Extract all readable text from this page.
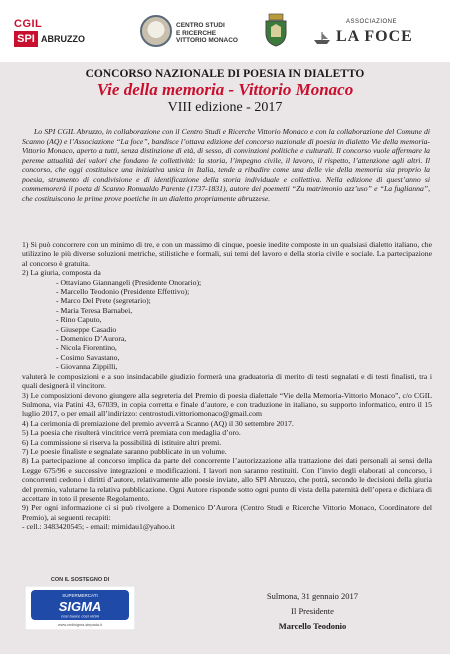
CGIL
SPI ABRUZZO
CENTRO STUDI
E RICERCHE
VITTORIO MONACO
ASSOCIAZIONE
LA FOCE
CONCORSO NAZIONALE DI POESIA IN DIALETTO
Vie della memoria - Vittorio Monaco
VIII edizione - 2017

Lo SPI CGIL Abruzzo, in collaborazione con il Centro Studi e Ricerche Vittorio Monaco e con la collaborazione del Comune di Scanno (AQ) e l’Associazione “La foce”, bandisce l’ottava edizione del concorso nazionale di poesia in dialetto Vie della memoria-Vittorio Monaco, aperto a tutti, senza distinzione di età, di sesso, di convinzioni politiche e culturali. Il concorso vuole affermare la pereme attualità dei valori che fondano le collettività: la storia, l’impegno civile, il lavoro, il rispetto, l’attenzione agli altri. Il concorso, che oggi costituisce una iniziativa unica in Italia, tende a ribadire come una delle vie della memoria sia proprio la poesia, strumento di condivisione e di identificazione della storia individuale e collettiva. Nella edizione di quest’anno si commemorerà il poeta di Scanno Romualdo Parente (1737-1831), autore dei poemetti “Zu matrimonio azz’uso” e “La fuglianna”, che costituiscono le prime prove poetiche in un dialetto propriamente abruzzese.

1) Si può concorrere con un minimo di tre, e con un massimo di cinque, poesie inedite composte in un qualsiasi dialetto italiano, che utilizzino le più diverse soluzioni metriche, stilistiche e formali, sui temi del lavoro e della storia civile e sociale. La partecipazione al concorso è gratuita.

2) La giuria, composta da

- Ottaviano Giannangeli (Presidente Onorario);

- Marcello Teodonio (Presidente Effettivo);

- Marco Del Prete (segretario);

- Maria Teresa Barnabei,

- Rino Caputo,

- Giuseppe Casadio

- Domenico D’Aurora,

- Nicola Fiorentino,

- Cosimo Savastano,

- Giovanna Zippilli,

valuterà le composizioni e a suo insindacabile giudizio formerà una graduatoria di merito di testi segnalati e di testi finalisti, tra i quali designerà il vincitore.

3) Le composizioni devono giungere alla segreteria del Premio di poesia dialettale “Vie della Memoria-Vittorio Monaco”, c/o CGIL Sulmona, via Patini 43, 67039, in copia corretta e finale d’autore, e con traduzione in italiano, su supporto informatico, entro il 15 luglio 2017, o per email all’indirizzo: centrostudi.vittoriomonaco@gmail.com

4) La cerimonia di premiazione del premio avverrà a Scanno (AQ) il 30 settembre 2017.

5) La poesia che risulterà vincitrice verrà premiata con medaglia d’oro.

6) La commissione si riserva la possibilità di istituire altri premi.

7) Le poesie finaliste e segnalate saranno pubblicate in un volume.

8) La partecipazione al concorso implica da parte del concorrente l’autorizzazione alla trattazione dei dati personali ai sensi della Legge 675/96 e successive integrazioni e modificazioni. I lavori non saranno restituiti. Con l’invio degli elaborati al concorso, i concorrenti cedono i diritti d’autore, relativamente alle poesie inviate, allo SPI Abruzzo, che potrà, secondo le decisioni della giuria del premio, valutarne la relativa pubblicazione. Ogni Autore risponde sotto ogni punto di vista della paternità dell’opera e dichiara di accettare in toto il presente Regolamento.

9) Per ogni informazione ci si può rivolgere a Domenico D’Aurora (Centro Studi e Ricerche Vittorio Monaco, Coordinatore del Premio), ai seguenti recapiti:

- cell.: 3483420545; - email: mimidau1@yahoo.it

CON IL SOSTEGNO DI
SUPERMERCATI
SIGMA
così buoni, così vicini
www.cedisigma-stepada.it
Sulmona, 31 gennaio 2017
Il Presidente
Marcello Teodonio
